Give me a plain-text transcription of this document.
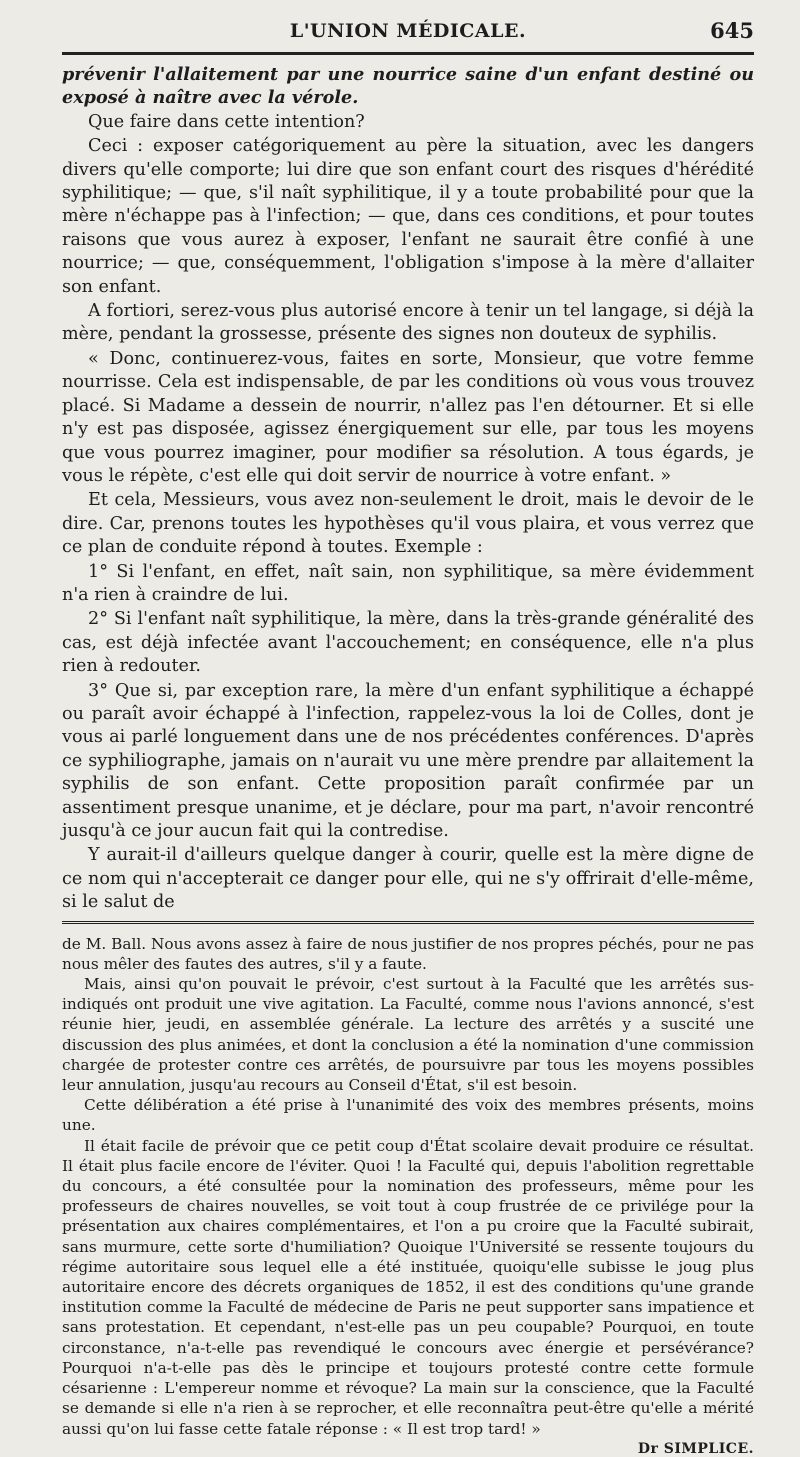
L'UNION MÉDICALE.	645

prévenir l'allaitement par une nourrice saine d'un enfant destiné ou exposé à naître avec la vérole.

Que faire dans cette intention?

Ceci : exposer catégoriquement au père la situation, avec les dangers divers qu'elle comporte; lui dire que son enfant court des risques d'hérédité syphilitique; — que, s'il naît syphilitique, il y a toute probabilité pour que la mère n'échappe pas à l'infection; — que, dans ces conditions, et pour toutes raisons que vous aurez à exposer, l'enfant ne saurait être confié à une nourrice; — que, conséquemment, l'obligation s'impose à la mère d'allaiter son enfant.

A fortiori, serez-vous plus autorisé encore à tenir un tel langage, si déjà la mère, pendant la grossesse, présente des signes non douteux de syphilis.

« Donc, continuerez-vous, faites en sorte, Monsieur, que votre femme nourrisse. Cela est indispensable, de par les conditions où vous vous trouvez placé. Si Madame a dessein de nourrir, n'allez pas l'en détourner. Et si elle n'y est pas disposée, agissez énergiquement sur elle, par tous les moyens que vous pourrez imaginer, pour modifier sa résolution. A tous égards, je vous le répète, c'est elle qui doit servir de nourrice à votre enfant. »

Et cela, Messieurs, vous avez non-seulement le droit, mais le devoir de le dire. Car, prenons toutes les hypothèses qu'il vous plaira, et vous verrez que ce plan de conduite répond à toutes. Exemple :

1° Si l'enfant, en effet, naît sain, non syphilitique, sa mère évidemment n'a rien à craindre de lui.

2° Si l'enfant naît syphilitique, la mère, dans la très-grande généralité des cas, est déjà infectée avant l'accouchement; en conséquence, elle n'a plus rien à redouter.

3° Que si, par exception rare, la mère d'un enfant syphilitique a échappé ou paraît avoir échappé à l'infection, rappelez-vous la loi de Colles, dont je vous ai parlé longuement dans une de nos précédentes conférences. D'après ce syphiliographe, jamais on n'aurait vu une mère prendre par allaitement la syphilis de son enfant. Cette proposition paraît confirmée par un assentiment presque unanime, et je déclare, pour ma part, n'avoir rencontré jusqu'à ce jour aucun fait qui la contredise.

Y aurait-il d'ailleurs quelque danger à courir, quelle est la mère digne de ce nom qui n'accepterait ce danger pour elle, qui ne s'y offrirait d'elle-même, si le salut de

de M. Ball. Nous avons assez à faire de nous justifier de nos propres péchés, pour ne pas nous mêler des fautes des autres, s'il y a faute.

Mais, ainsi qu'on pouvait le prévoir, c'est surtout à la Faculté que les arrêtés sus-indiqués ont produit une vive agitation. La Faculté, comme nous l'avions annoncé, s'est réunie hier, jeudi, en assemblée générale. La lecture des arrêtés y a suscité une discussion des plus animées, et dont la conclusion a été la nomination d'une commission chargée de protester contre ces arrêtés, de poursuivre par tous les moyens possibles leur annulation, jusqu'au recours au Conseil d'État, s'il est besoin.

Cette délibération a été prise à l'unanimité des voix des membres présents, moins une.

Il était facile de prévoir que ce petit coup d'État scolaire devait produire ce résultat. Il était plus facile encore de l'éviter. Quoi ! la Faculté qui, depuis l'abolition regrettable du concours, a été consultée pour la nomination des professeurs, même pour les professeurs de chaires nouvelles, se voit tout à coup frustrée de ce privilége pour la présentation aux chaires complémentaires, et l'on a pu croire que la Faculté subirait, sans murmure, cette sorte d'humiliation? Quoique l'Université se ressente toujours du régime autoritaire sous lequel elle a été instituée, quoiqu'elle subisse le joug plus autoritaire encore des décrets organiques de 1852, il est des conditions qu'une grande institution comme la Faculté de médecine de Paris ne peut supporter sans impatience et sans protestation. Et cependant, n'est-elle pas un peu coupable? Pourquoi, en toute circonstance, n'a-t-elle pas revendiqué le concours avec énergie et persévérance? Pourquoi n'a-t-elle pas dès le principe et toujours protesté contre cette formule césarienne : L'empereur nomme et révoque? La main sur la conscience, que la Faculté se demande si elle n'a rien à se reprocher, et elle reconnaîtra peut-être qu'elle a mérité aussi qu'on lui fasse cette fatale réponse : « Il est trop tard! »

Dr SIMPLICE.
